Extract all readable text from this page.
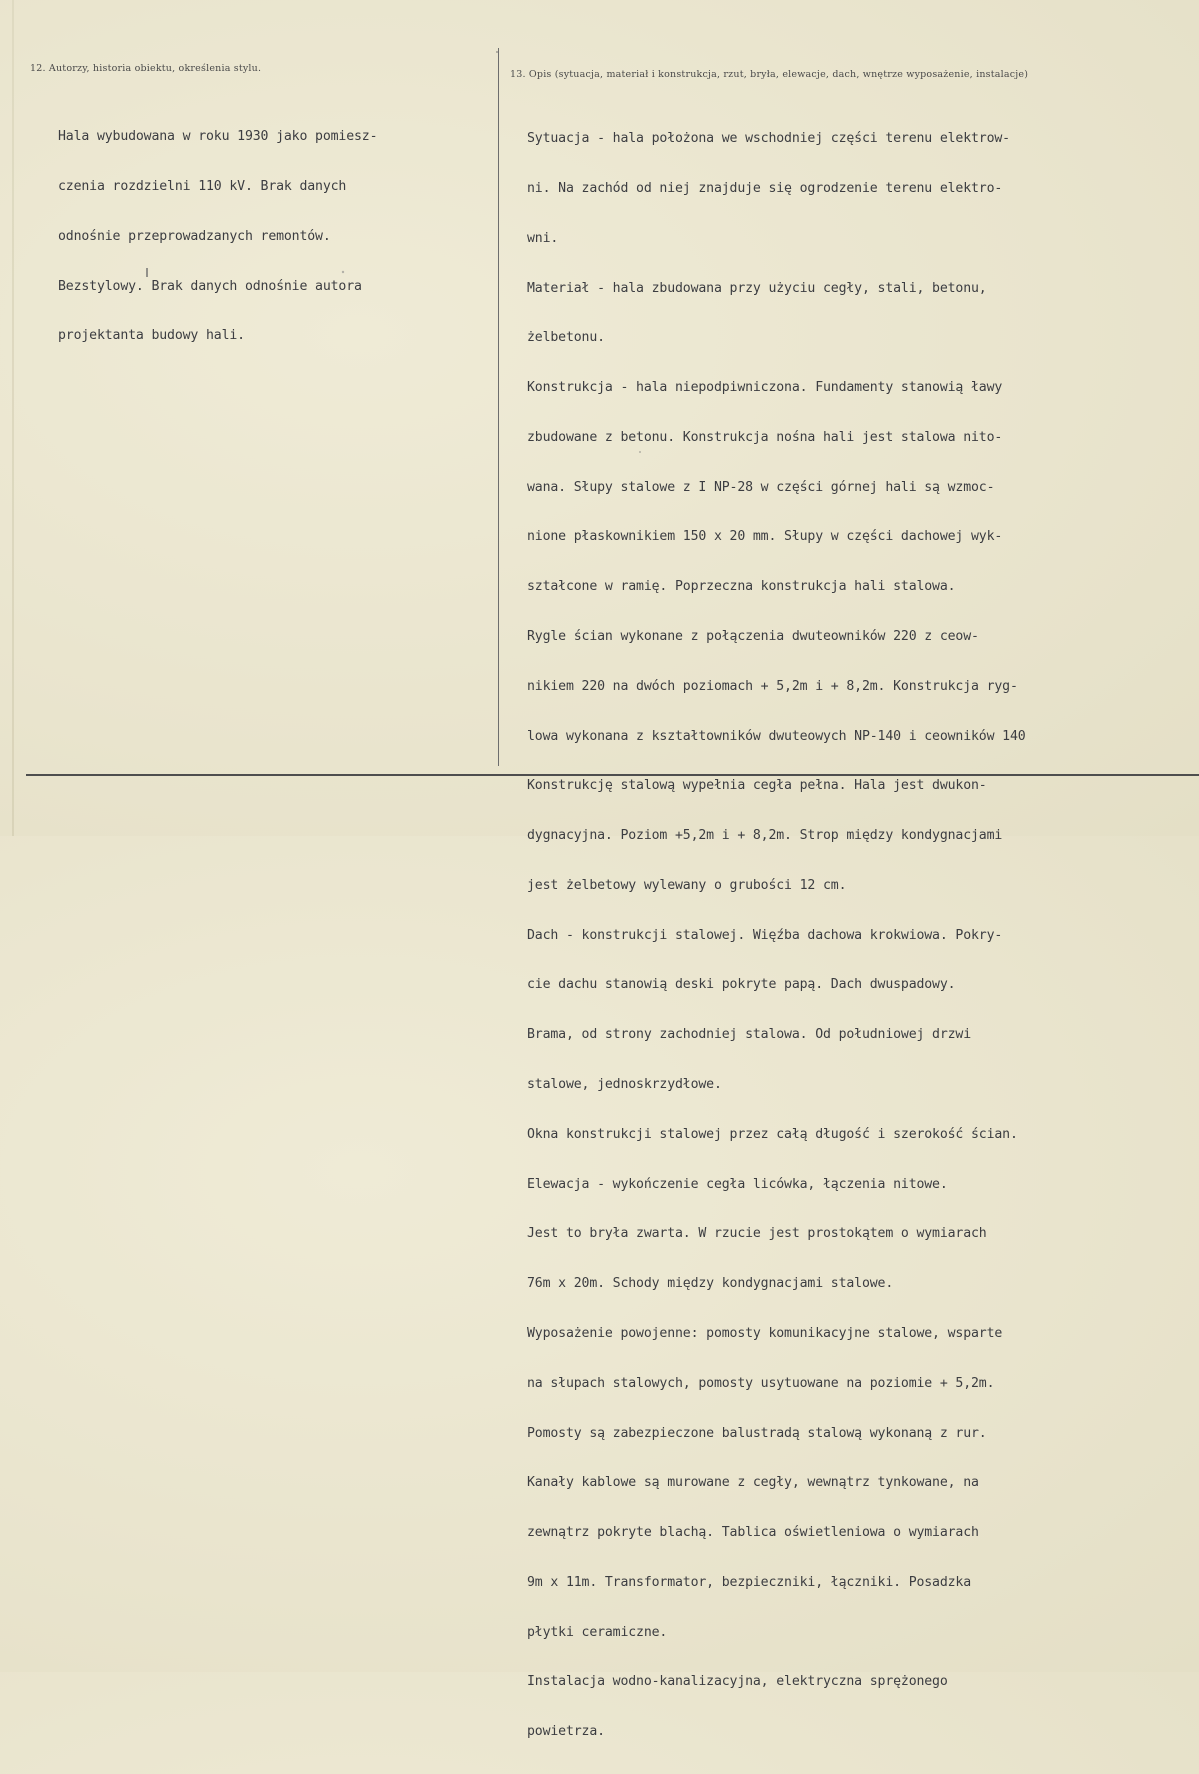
12. Autorzy, historia obiektu, określenia stylu.
13. Opis (sytuacja, materiał i konstrukcja, rzut, bryła, elewacje, dach, wnętrze wyposażenie, instalacje)

Hala wybudowana w roku 1930 jako pomiesz-

czenia rozdzielni 110 kV. Brak danych

odnośnie przeprowadzanych remontów.

Bezstylowy. Brak danych odnośnie autora

projektanta budowy hali.

Sytuacja - hala położona we wschodniej części terenu elektrow-

ni. Na zachód od niej znajduje się ogrodzenie terenu elektro-

wni.

Materiał - hala zbudowana przy użyciu cegły, stali, betonu,

żelbetonu.

Konstrukcja - hala niepodpiwniczona. Fundamenty stanowią ławy

zbudowane z betonu. Konstrukcja nośna hali jest stalowa nito-

wana. Słupy stalowe z I NP-28 w części górnej hali są wzmoc-

nione płaskownikiem 150 x 20 mm. Słupy w części dachowej wyk-

ształcone w ramię. Poprzeczna konstrukcja hali stalowa.

Rygle ścian wykonane z połączenia dwuteowników 220 z ceow-

nikiem 220 na dwóch poziomach + 5,2m i + 8,2m. Konstrukcja ryg-

lowa wykonana z kształtowników dwuteowych NP-140 i ceowników 140

Konstrukcję stalową wypełnia cegła pełna. Hala jest dwukon-

dygnacyjna. Poziom +5,2m i + 8,2m. Strop między kondygnacjami

jest żelbetowy wylewany o grubości 12 cm.

Dach - konstrukcji stalowej. Więźba dachowa krokwiowa. Pokry-

cie dachu stanowią deski pokryte papą. Dach dwuspadowy.

Brama, od strony zachodniej stalowa. Od południowej drzwi

stalowe, jednoskrzydłowe.

Okna konstrukcji stalowej przez całą długość i szerokość ścian.

Elewacja - wykończenie cegła licówka, łączenia nitowe.

Jest to bryła zwarta. W rzucie jest prostokątem o wymiarach

76m x 20m. Schody między kondygnacjami stalowe.

Wyposażenie powojenne: pomosty komunikacyjne stalowe, wsparte

na słupach stalowych, pomosty usytuowane na poziomie + 5,2m.

Pomosty są zabezpieczone balustradą stalową wykonaną z rur.

Kanały kablowe są murowane z cegły, wewnątrz tynkowane, na

zewnątrz pokryte blachą. Tablica oświetleniowa o wymiarach

9m x 11m. Transformator, bezpieczniki, łączniki. Posadzka

płytki ceramiczne.

Instalacja wodno-kanalizacyjna, elektryczna sprężonego

powietrza.
